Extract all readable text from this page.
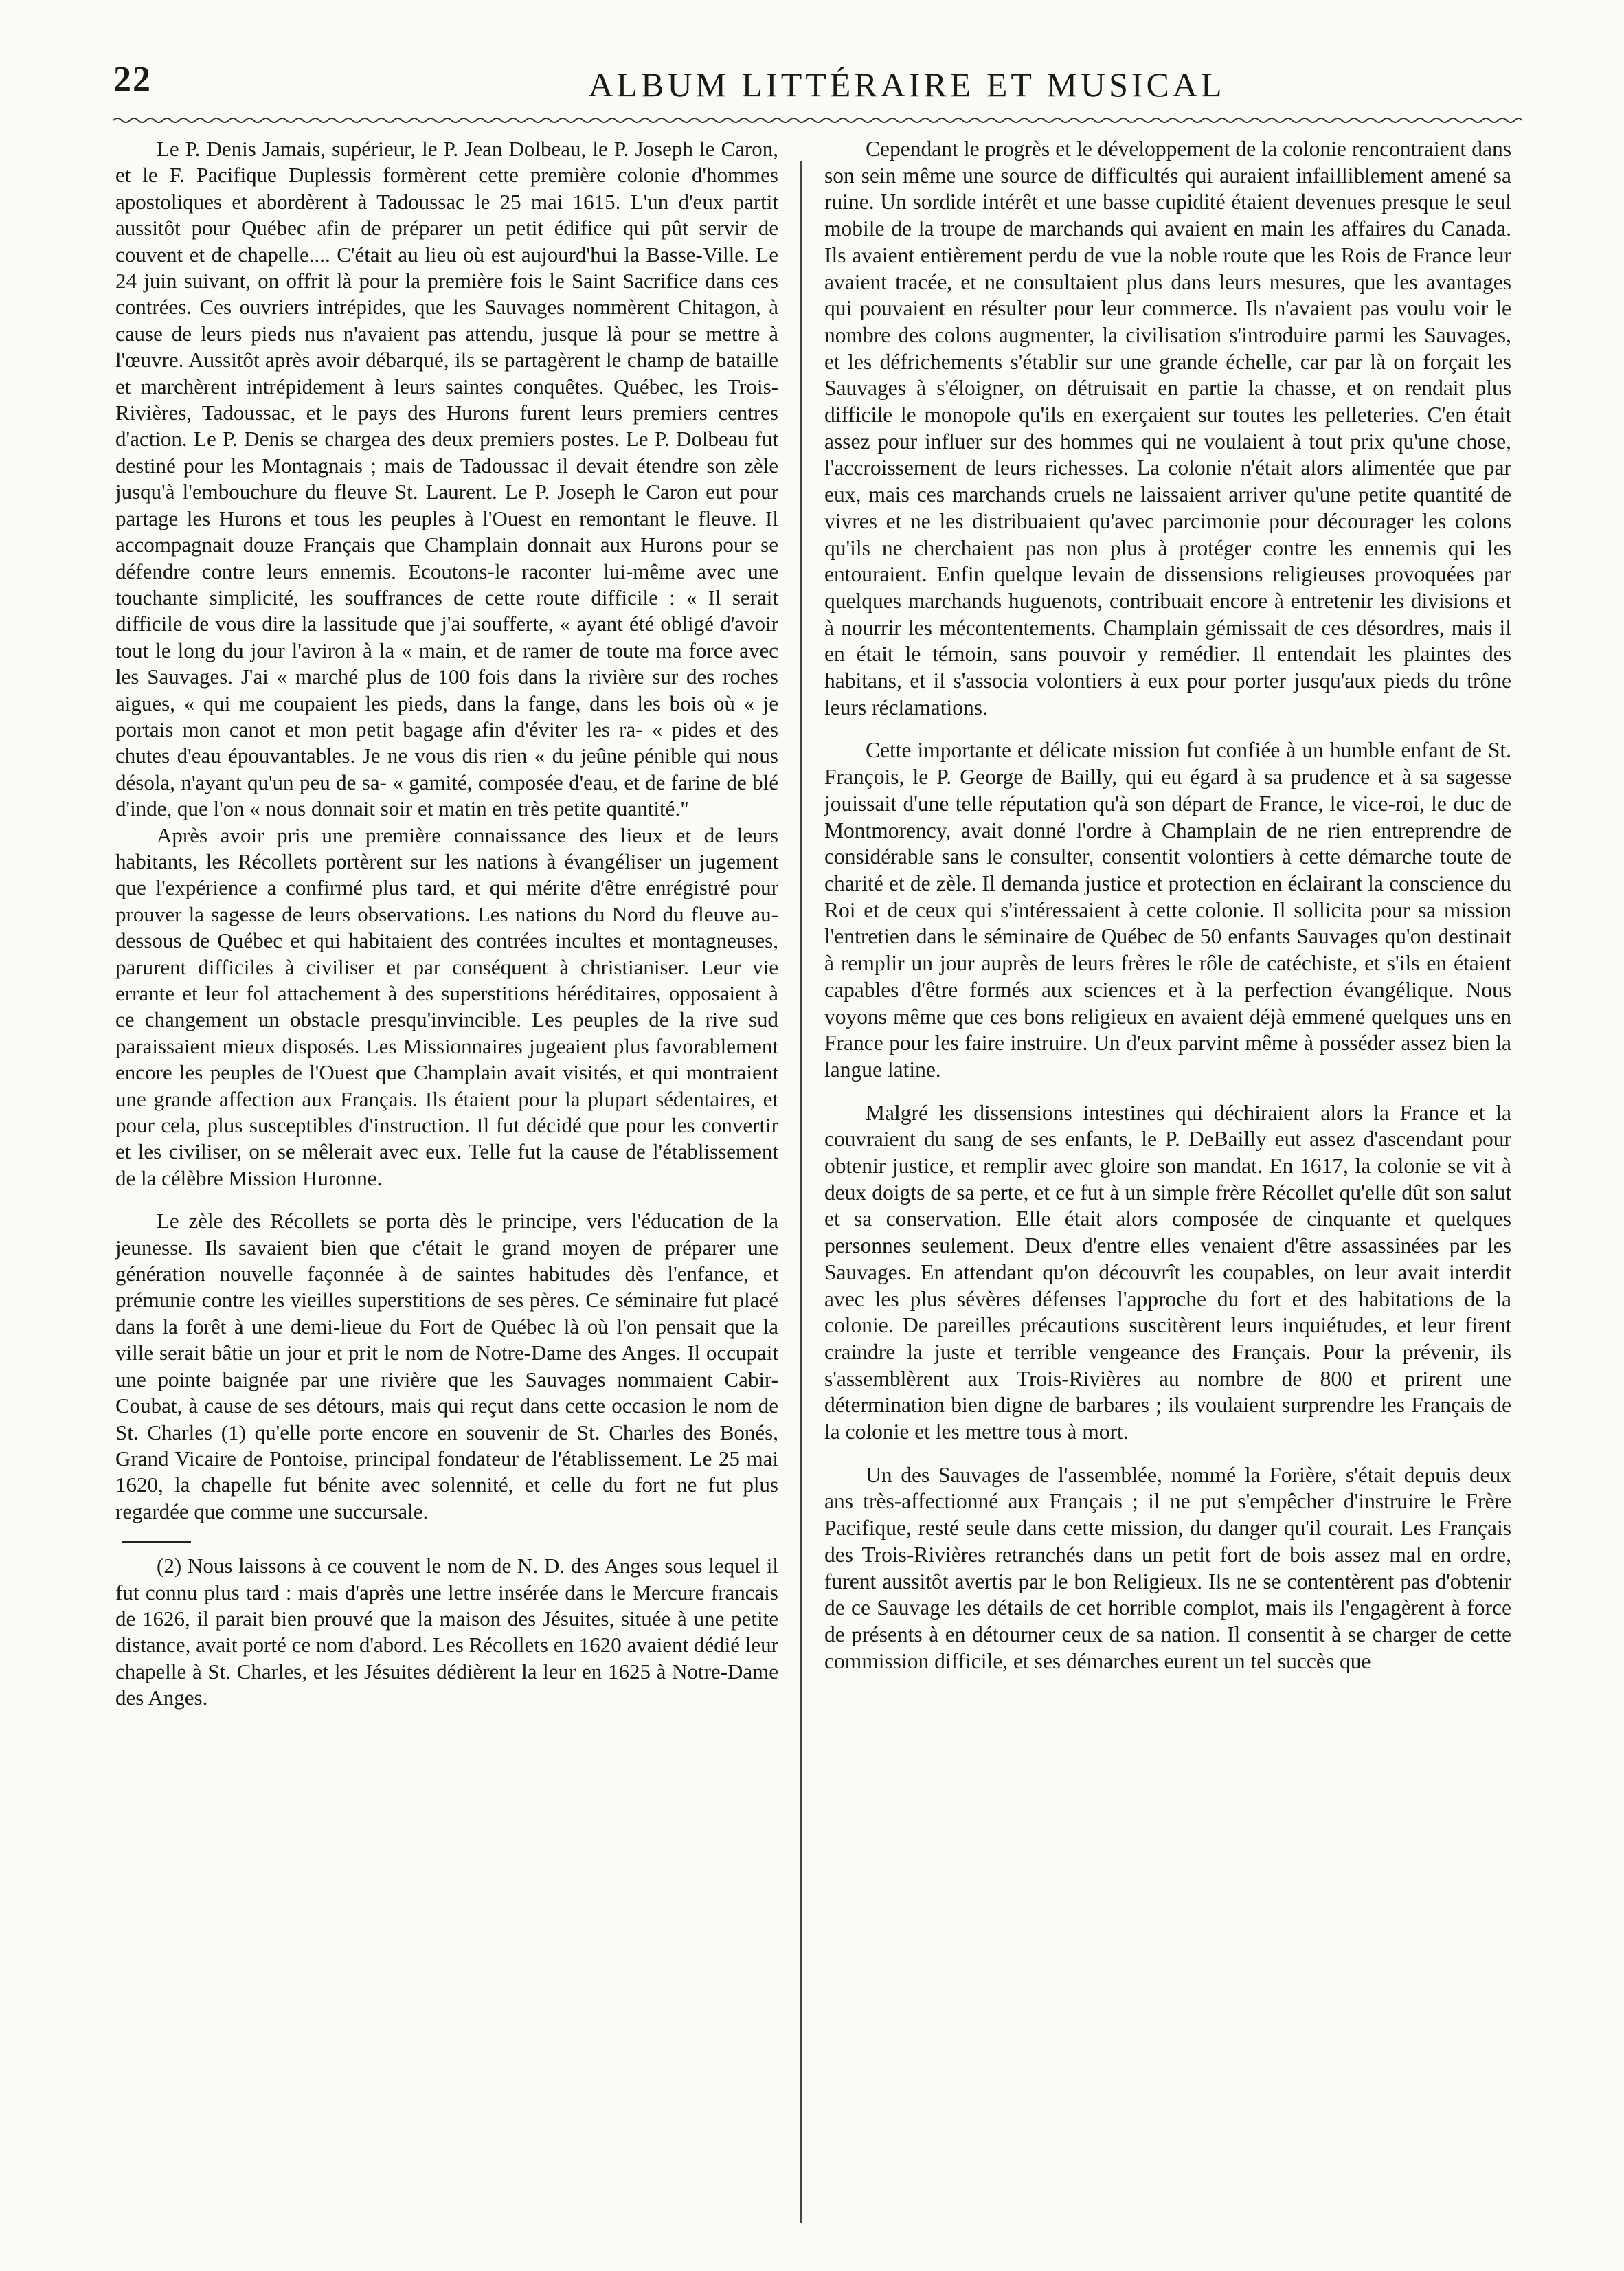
22	ALBUM LITTÉRAIRE ET MUSICAL

Le P. Denis Jamais, supérieur, le P. Jean Dolbeau, le P. Joseph le Caron, et le F. Pacifique Duplessis formèrent cette première colonie d'hommes apostoliques et abordèrent à Tadoussac le 25 mai 1615. L'un d'eux partit aussitôt pour Québec afin de préparer un petit édifice qui pût servir de couvent et de chapelle.... C'était au lieu où est aujourd'hui la Basse-Ville. Le 24 juin suivant, on offrit là pour la première fois le Saint Sacrifice dans ces contrées. Ces ouvriers intrépides, que les Sauvages nommèrent Chitagon, à cause de leurs pieds nus n'avaient pas attendu, jusque là pour se mettre à l'œuvre. Aussitôt après avoir débarqué, ils se partagèrent le champ de bataille et marchèrent intrépidement à leurs saintes conquêtes. Québec, les Trois-Rivières, Tadoussac, et le pays des Hurons furent leurs premiers centres d'action. Le P. Denis se chargea des deux premiers postes. Le P. Dolbeau fut destiné pour les Montagnais ; mais de Tadoussac il devait étendre son zèle jusqu'à l'embouchure du fleuve St. Laurent. Le P. Joseph le Caron eut pour partage les Hurons et tous les peuples à l'Ouest en remontant le fleuve. Il accompagnait douze Français que Champlain donnait aux Hurons pour se défendre contre leurs ennemis. Ecoutons-le raconter lui-même avec une touchante simplicité, les souffrances de cette route difficile : « Il serait difficile de vous dire la lassitude que j'ai soufferte, « ayant été obligé d'avoir tout le long du jour l'aviron à la « main, et de ramer de toute ma force avec les Sauvages. J'ai « marché plus de 100 fois dans la rivière sur des roches aigues, « qui me coupaient les pieds, dans la fange, dans les bois où « je portais mon canot et mon petit bagage afin d'éviter les ra- « pides et des chutes d'eau épouvantables. Je ne vous dis rien « du jeûne pénible qui nous désola, n'ayant qu'un peu de sa- « gamité, composée d'eau, et de farine de blé d'inde, que l'on « nous donnait soir et matin en très petite quantité."

Après avoir pris une première connaissance des lieux et de leurs habitants, les Récollets portèrent sur les nations à évangéliser un jugement que l'expérience a confirmé plus tard, et qui mérite d'être enrégistré pour prouver la sagesse de leurs observations. Les nations du Nord du fleuve au-dessous de Québec et qui habitaient des contrées incultes et montagneuses, parurent difficiles à civiliser et par conséquent à christianiser. Leur vie errante et leur fol attachement à des superstitions héréditaires, opposaient à ce changement un obstacle presqu'invincible. Les peuples de la rive sud paraissaient mieux disposés. Les Missionnaires jugeaient plus favorablement encore les peuples de l'Ouest que Champlain avait visités, et qui montraient une grande affection aux Français. Ils étaient pour la plupart sédentaires, et pour cela, plus susceptibles d'instruction. Il fut décidé que pour les convertir et les civiliser, on se mêlerait avec eux. Telle fut la cause de l'établissement de la célèbre Mission Huronne.

Le zèle des Récollets se porta dès le principe, vers l'éducation de la jeunesse. Ils savaient bien que c'était le grand moyen de préparer une génération nouvelle façonnée à de saintes habitudes dès l'enfance, et prémunie contre les vieilles superstitions de ses pères. Ce séminaire fut placé dans la forêt à une demi-lieue du Fort de Québec là où l'on pensait que la ville serait bâtie un jour et prit le nom de Notre-Dame des Anges. Il occupait une pointe baignée par une rivière que les Sauvages nommaient Cabir-Coubat, à cause de ses détours, mais qui reçut dans cette occasion le nom de St. Charles (1) qu'elle porte encore en souvenir de St. Charles des Bonés, Grand Vicaire de Pontoise, principal fondateur de l'établissement. Le 25 mai 1620, la chapelle fut bénite avec solennité, et celle du fort ne fut plus regardée que comme une succursale.

(2) Nous laissons à ce couvent le nom de N. D. des Anges sous lequel il fut connu plus tard : mais d'après une lettre insérée dans le Mercure francais de 1626, il parait bien prouvé que la maison des Jésuites, située à une petite distance, avait porté ce nom d'abord. Les Récollets en 1620 avaient dédié leur chapelle à St. Charles, et les Jésuites dédièrent la leur en 1625 à Notre-Dame des Anges.

Cependant le progrès et le développement de la colonie rencontraient dans son sein même une source de difficultés qui auraient infailliblement amené sa ruine. Un sordide intérêt et une basse cupidité étaient devenues presque le seul mobile de la troupe de marchands qui avaient en main les affaires du Canada. Ils avaient entièrement perdu de vue la noble route que les Rois de France leur avaient tracée, et ne consultaient plus dans leurs mesures, que les avantages qui pouvaient en résulter pour leur commerce. Ils n'avaient pas voulu voir le nombre des colons augmenter, la civilisation s'introduire parmi les Sauvages, et les défrichements s'établir sur une grande échelle, car par là on forçait les Sauvages à s'éloigner, on détruisait en partie la chasse, et on rendait plus difficile le monopole qu'ils en exerçaient sur toutes les pelleteries. C'en était assez pour influer sur des hommes qui ne voulaient à tout prix qu'une chose, l'accroissement de leurs richesses. La colonie n'était alors alimentée que par eux, mais ces marchands cruels ne laissaient arriver qu'une petite quantité de vivres et ne les distribuaient qu'avec parcimonie pour décourager les colons qu'ils ne cherchaient pas non plus à protéger contre les ennemis qui les entouraient. Enfin quelque levain de dissensions religieuses provoquées par quelques marchands huguenots, contribuait encore à entretenir les divisions et à nourrir les mécontentements. Champlain gémissait de ces désordres, mais il en était le témoin, sans pouvoir y remédier. Il entendait les plaintes des habitans, et il s'associa volontiers à eux pour porter jusqu'aux pieds du trône leurs réclamations.

Cette importante et délicate mission fut confiée à un humble enfant de St. François, le P. George de Bailly, qui eu égard à sa prudence et à sa sagesse jouissait d'une telle réputation qu'à son départ de France, le vice-roi, le duc de Montmorency, avait donné l'ordre à Champlain de ne rien entreprendre de considérable sans le consulter, consentit volontiers à cette démarche toute de charité et de zèle. Il demanda justice et protection en éclairant la conscience du Roi et de ceux qui s'intéressaient à cette colonie. Il sollicita pour sa mission l'entretien dans le séminaire de Québec de 50 enfants Sauvages qu'on destinait à remplir un jour auprès de leurs frères le rôle de catéchiste, et s'ils en étaient capables d'être formés aux sciences et à la perfection évangélique. Nous voyons même que ces bons religieux en avaient déjà emmené quelques uns en France pour les faire instruire. Un d'eux parvint même à posséder assez bien la langue latine.

Malgré les dissensions intestines qui déchiraient alors la France et la couvraient du sang de ses enfants, le P. DeBailly eut assez d'ascendant pour obtenir justice, et remplir avec gloire son mandat. En 1617, la colonie se vit à deux doigts de sa perte, et ce fut à un simple frère Récollet qu'elle dût son salut et sa conservation. Elle était alors composée de cinquante et quelques personnes seulement. Deux d'entre elles venaient d'être assassinées par les Sauvages. En attendant qu'on découvrît les coupables, on leur avait interdit avec les plus sévères défenses l'approche du fort et des habitations de la colonie. De pareilles précautions suscitèrent leurs inquiétudes, et leur firent craindre la juste et terrible vengeance des Français. Pour la prévenir, ils s'assemblèrent aux Trois-Rivières au nombre de 800 et prirent une détermination bien digne de barbares ; ils voulaient surprendre les Français de la colonie et les mettre tous à mort.

Un des Sauvages de l'assemblée, nommé la Forière, s'était depuis deux ans très-affectionné aux Français ; il ne put s'empêcher d'instruire le Frère Pacifique, resté seule dans cette mission, du danger qu'il courait. Les Français des Trois-Rivières retranchés dans un petit fort de bois assez mal en ordre, furent aussitôt avertis par le bon Religieux. Ils ne se contentèrent pas d'obtenir de ce Sauvage les détails de cet horrible complot, mais ils l'engagèrent à force de présents à en détourner ceux de sa nation. Il consentit à se charger de cette commission difficile, et ses démarches eurent un tel succès que
